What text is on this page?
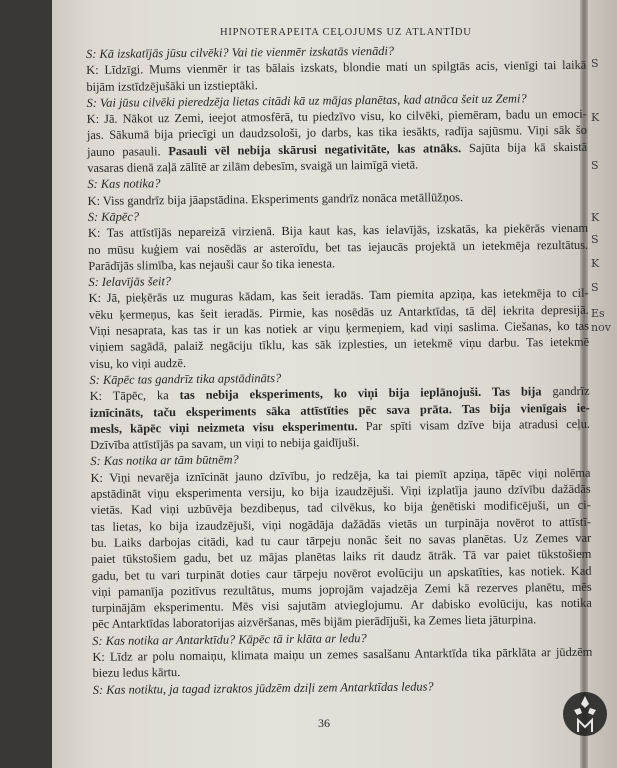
S
K
S
K
S
K
S
Es
nov
HIPNOTERAPEITA CEĻOJUMS UZ ATLANTĪDU
S: Kā izskatījās jūsu cilvēki? Vai tie vienmēr izskatās vienādi?
K: Līdzīgi. Mums vienmēr ir tas bālais izskats, blondie mati un spilgtās acis, vienīgi tai laikā
bijām izstīdzējušāki un izstieptāki.
S: Vai jūsu cilvēki pieredzēja lietas citādi kā uz mājas planētas, kad atnāca šeit uz Zemi?
K: Jā. Nākot uz Zemi, ieejot atmosfērā, tu piedzīvo visu, ko cilvēki, piemēram, badu un emoci-
jas. Sākumā bija priecīgi un daudzsološi, jo darbs, kas tika iesākts, radīja sajūsmu. Viņi sāk šo
jauno pasauli. Pasauli vēl nebija skārusi negativitāte, kas atnāks. Sajūta bija kā skaistā
vasaras dienā zaļā zālītē ar zilām debesīm, svaigā un laimīgā vietā.
S: Kas notika?
K: Viss gandrīz bija jāapstādina. Eksperiments gandrīz nonāca metāllūžņos.
S: Kāpēc?
K: Tas attīstījās nepareizā virzienā. Bija kaut kas, kas ielavījās, izskatās, ka piekērās vienam
no mūsu kuģiem vai nosēdās ar asteroīdu, bet tas iejaucās projektā un ietekmēja rezultātus.
Parādījās slimība, kas nejauši caur šo tika ienesta.
S: Ielavījās šeit?
K: Jā, pieķērās uz muguras kādam, kas šeit ieradās. Tam piemita apziņa, kas ietekmēja to cil-
vēku ķermeņus, kas šeit ieradās. Pirmie, kas nosēdās uz Antarktīdas, tā dēļ iekrita depresijā.
Viņi nesaprata, kas tas ir un kas notiek ar viņu ķermeņiem, kad viņi saslima. Ciešanas, ko tas
viņiem sagādā, palaiž negāciju tīklu, kas sāk izplesties, un ietekmē viņu darbu. Tas ietekmē
visu, ko viņi audzē.
S: Kāpēc tas gandrīz tika apstādināts?
K: Tāpēc, ka tas nebija eksperiments, ko viņi bija ieplānojuši. Tas bija gandrīz
iznīcināts, taču eksperiments sāka attīstīties pēc sava prāta. Tas bija vienīgais ie-
mesls, kāpēc viņi neizmeta visu eksperimentu. Par spīti visam dzīve bija atradusi ceļu.
Dzīvība attīstījās pa savam, un viņi to nebija gaidījuši.
S: Kas notika ar tām būtnēm?
K: Viņi nevarēja iznīcināt jauno dzīvību, jo redzēja, ka tai piemīt apziņa, tāpēc viņi nolēma
apstādināt viņu eksperimenta versiju, ko bija izaudzējuši. Viņi izplatīja jauno dzīvību dažādās
vietās. Kad viņi uzbūvēja bezdibeņus, tad cilvēkus, ko bija ģenētiski modificējuši, un ci-
tas lietas, ko bija izaudzējuši, viņi nogādāja dažādās vietās un turpināja novērot to attīstī-
bu. Laiks darbojas citādi, kad tu caur tārpeju nonāc šeit no savas planētas. Uz Zemes var
paiet tūkstošiem gadu, bet uz mājas planētas laiks rit daudz ātrāk. Tā var paiet tūkstošiem
gadu, bet tu vari turpināt doties caur tārpeju novērot evolūciju un apskatīties, kas notiek. Kad
viņi pamanīja pozitīvus rezultātus, mums joprojām vajadzēja Zemi kā rezerves planētu, mēs
turpinājām eksperimentu. Mēs visi sajutām atvieglojumu. Ar dabisko evolūciju, kas notika
pēc Antarktīdas laboratorijas aizvēršanas, mēs bijām pierādījuši, ka Zemes lieta jāturpina.
S: Kas notika ar Antarktīdu? Kāpēc tā ir klāta ar ledu?
K: Līdz ar polu nomaiņu, klimata maiņu un zemes sasalšanu Antarktīda tika pārklāta ar jūdzēm
biezu ledus kārtu.
S: Kas notiktu, ja tagad izraktos jūdzēm dziļi zem Antarktīdas ledus?
36
